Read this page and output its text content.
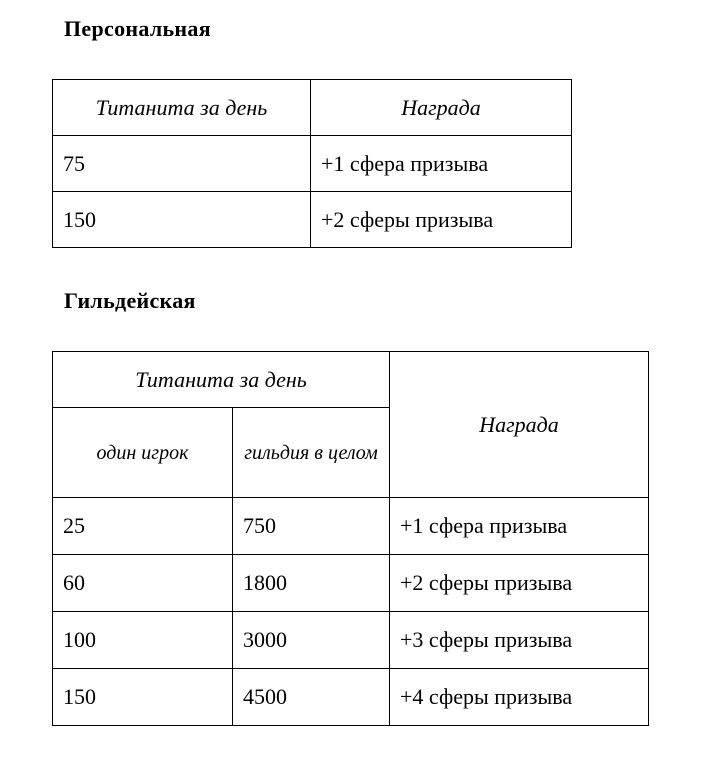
Персональная
Титанита за день	Награда
75	+1 сфера призыва
150	+2 сферы призыва
Гильдейская
Титанита за день		Награда
один игрок	гильдия в целом	
25	750	+1 сфера призыва
60	1800	+2 сферы призыва
100	3000	+3 сферы призыва
150	4500	+4 сферы призыва
